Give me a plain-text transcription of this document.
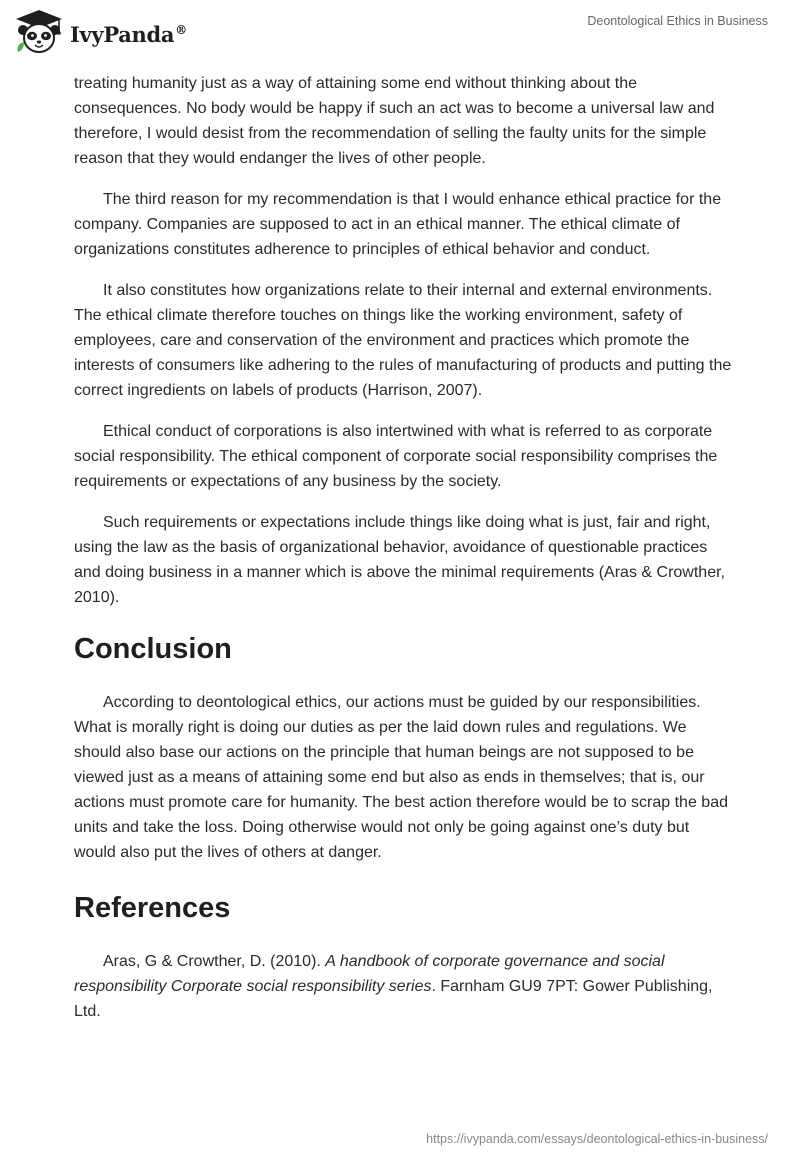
IvyPanda®
Deontological Ethics in Business

treating humanity just as a way of attaining some end without thinking about the consequences. No body would be happy if such an act was to become a universal law and therefore, I would desist from the recommendation of selling the faulty units for the simple reason that they would endanger the lives of other people.

The third reason for my recommendation is that I would enhance ethical practice for the company. Companies are supposed to act in an ethical manner. The ethical climate of organizations constitutes adherence to principles of ethical behavior and conduct.

It also constitutes how organizations relate to their internal and external environments. The ethical climate therefore touches on things like the working environment, safety of employees, care and conservation of the environment and practices which promote the interests of consumers like adhering to the rules of manufacturing of products and putting the correct ingredients on labels of products (Harrison, 2007).

Ethical conduct of corporations is also intertwined with what is referred to as corporate social responsibility. The ethical component of corporate social responsibility comprises the requirements or expectations of any business by the society.

Such requirements or expectations include things like doing what is just, fair and right, using the law as the basis of organizational behavior, avoidance of questionable practices and doing business in a manner which is above the minimal requirements (Aras & Crowther, 2010).

Conclusion

According to deontological ethics, our actions must be guided by our responsibilities. What is morally right is doing our duties as per the laid down rules and regulations. We should also base our actions on the principle that human beings are not supposed to be viewed just as a means of attaining some end but also as ends in themselves; that is, our actions must promote care for humanity. The best action therefore would be to scrap the bad units and take the loss. Doing otherwise would not only be going against one’s duty but would also put the lives of others at danger.

References

Aras, G & Crowther, D. (2010). A handbook of corporate governance and social responsibility Corporate social responsibility series. Farnham GU9 7PT: Gower Publishing, Ltd.

https://ivypanda.com/essays/deontological-ethics-in-business/
